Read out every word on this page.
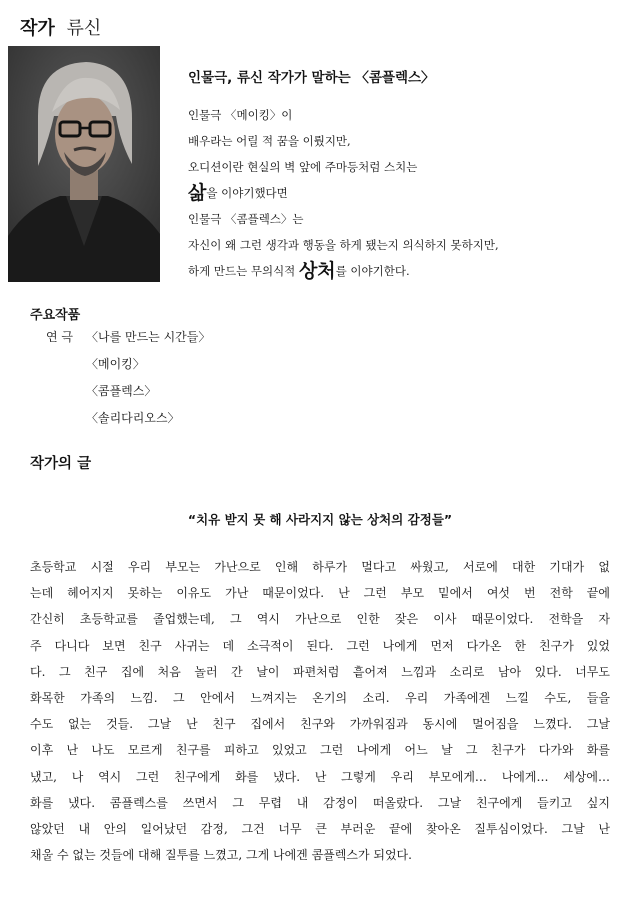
작가 류신
인물극, 류신 작가가 말하는 〈콤플렉스〉
인물극 〈메이킹〉이
배우라는 어릴 적 꿈을 이뤘지만,
오디션이란 현실의 벽 앞에 주마등처럼 스치는
삶을 이야기했다면
인물극 〈콤플렉스〉는
자신이 왜 그런 생각과 행동을 하게 됐는지 의식하지 못하지만,
하게 만드는 무의식적 상처를 이야기한다.
주요작품
연 극 〈나를 만드는 시간들〉
〈메이킹〉
〈콤플렉스〉
〈솔리다리오스〉
작가의 글
“치유 받지 못 해 사라지지 않는 상처의 감정들”
초등학교 시절 우리 부모는 가난으로 인해 하루가 멀다고 싸웠고, 서로에 대한 기대가 없
는데 헤어지지 못하는 이유도 가난 때문이었다. 난 그런 부모 밑에서 여섯 번 전학 끝에
간신히 초등학교를 졸업했는데, 그 역시 가난으로 인한 잦은 이사 때문이었다. 전학을 자
주 다니다 보면 친구 사귀는 데 소극적이 된다. 그런 나에게 먼저 다가온 한 친구가 있었
다. 그 친구 집에 처음 놀러 간 날이 파편처럼 흩어져 느낌과 소리로 남아 있다. 너무도
화목한 가족의 느낌. 그 안에서 느껴지는 온기의 소리. 우리 가족에겐 느낄 수도, 들을
수도 없는 것들. 그날 난 친구 집에서 친구와 가까워짐과 동시에 멀어짐을 느꼈다. 그날
이후 난 나도 모르게 친구를 피하고 있었고 그런 나에게 어느 날 그 친구가 다가와 화를
냈고, 나 역시 그런 친구에게 화를 냈다. 난 그렇게 우리 부모에게… 나에게… 세상에…
화를 냈다. 콤플렉스를 쓰면서 그 무렵 내 감정이 떠올랐다. 그날 친구에게 들키고 싶지
않았던 내 안의 일어났던 감정, 그건 너무 큰 부러운 끝에 찾아온 질투심이었다. 그날 난
채울 수 없는 것들에 대해 질투를 느꼈고, 그게 나에겐 콤플렉스가 되었다.
